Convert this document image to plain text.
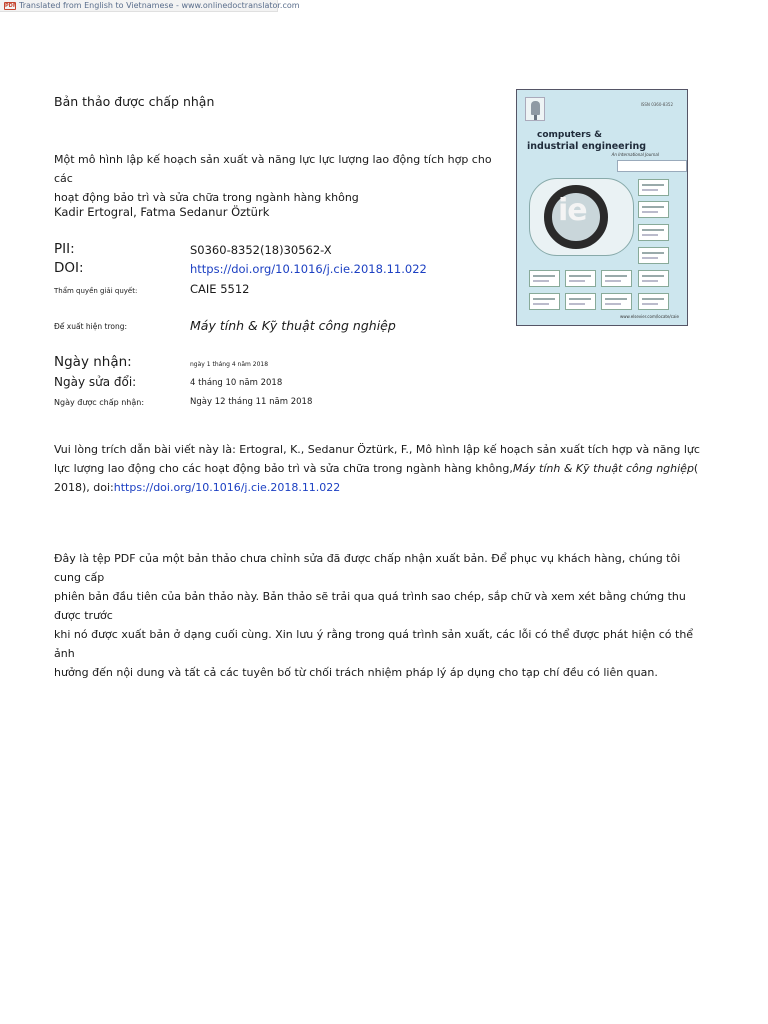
PDF Translated from English to Vietnamese - www.onlinedoctranslator.com
Bản thảo được chấp nhận
Một mô hình lập kế hoạch sản xuất và năng lực lực lượng lao động tích hợp cho các
hoạt động bảo trì và sửa chữa trong ngành hàng không
Kadir Ertogral, Fatma Sedanur Öztürk
PII:	S0360-8352(18)30562-X
DOI:	https://doi.org/10.1016/j.cie.2018.11.022
Thẩm quyền giải quyết:	CAIE 5512
Để xuất hiện trong:	Máy tính & Kỹ thuật công nghiệp
Ngày nhận:	ngày 1 tháng 4 năm 2018
Ngày sửa đổi:	4 tháng 10 năm 2018
Ngày được chấp nhận:	Ngày 12 tháng 11 năm 2018
Vui lòng trích dẫn bài viết này là: Ertogral, K., Sedanur Öztürk, F., Mô hình lập kế hoạch sản xuất tích hợp và năng lực
lực lượng lao động cho các hoạt động bảo trì và sửa chữa trong ngành hàng không,Máy tính & Kỹ thuật công nghiệp(
2018), doi:https://doi.org/10.1016/j.cie.2018.11.022
Đây là tệp PDF của một bản thảo chưa chỉnh sửa đã được chấp nhận xuất bản. Để phục vụ khách hàng, chúng tôi cung cấp
phiên bản đầu tiên của bản thảo này. Bản thảo sẽ trải qua quá trình sao chép, sắp chữ và xem xét bằng chứng thu được trước
khi nó được xuất bản ở dạng cuối cùng. Xin lưu ý rằng trong quá trình sản xuất, các lỗi có thể được phát hiện có thể ảnh
hưởng đến nội dung và tất cả các tuyên bố từ chối trách nhiệm pháp lý áp dụng cho tạp chí đều có liên quan.
ISSN 0360-8352
computers &
industrial engineering
An International Journal
ie
www.elsevier.com/locate/caie
